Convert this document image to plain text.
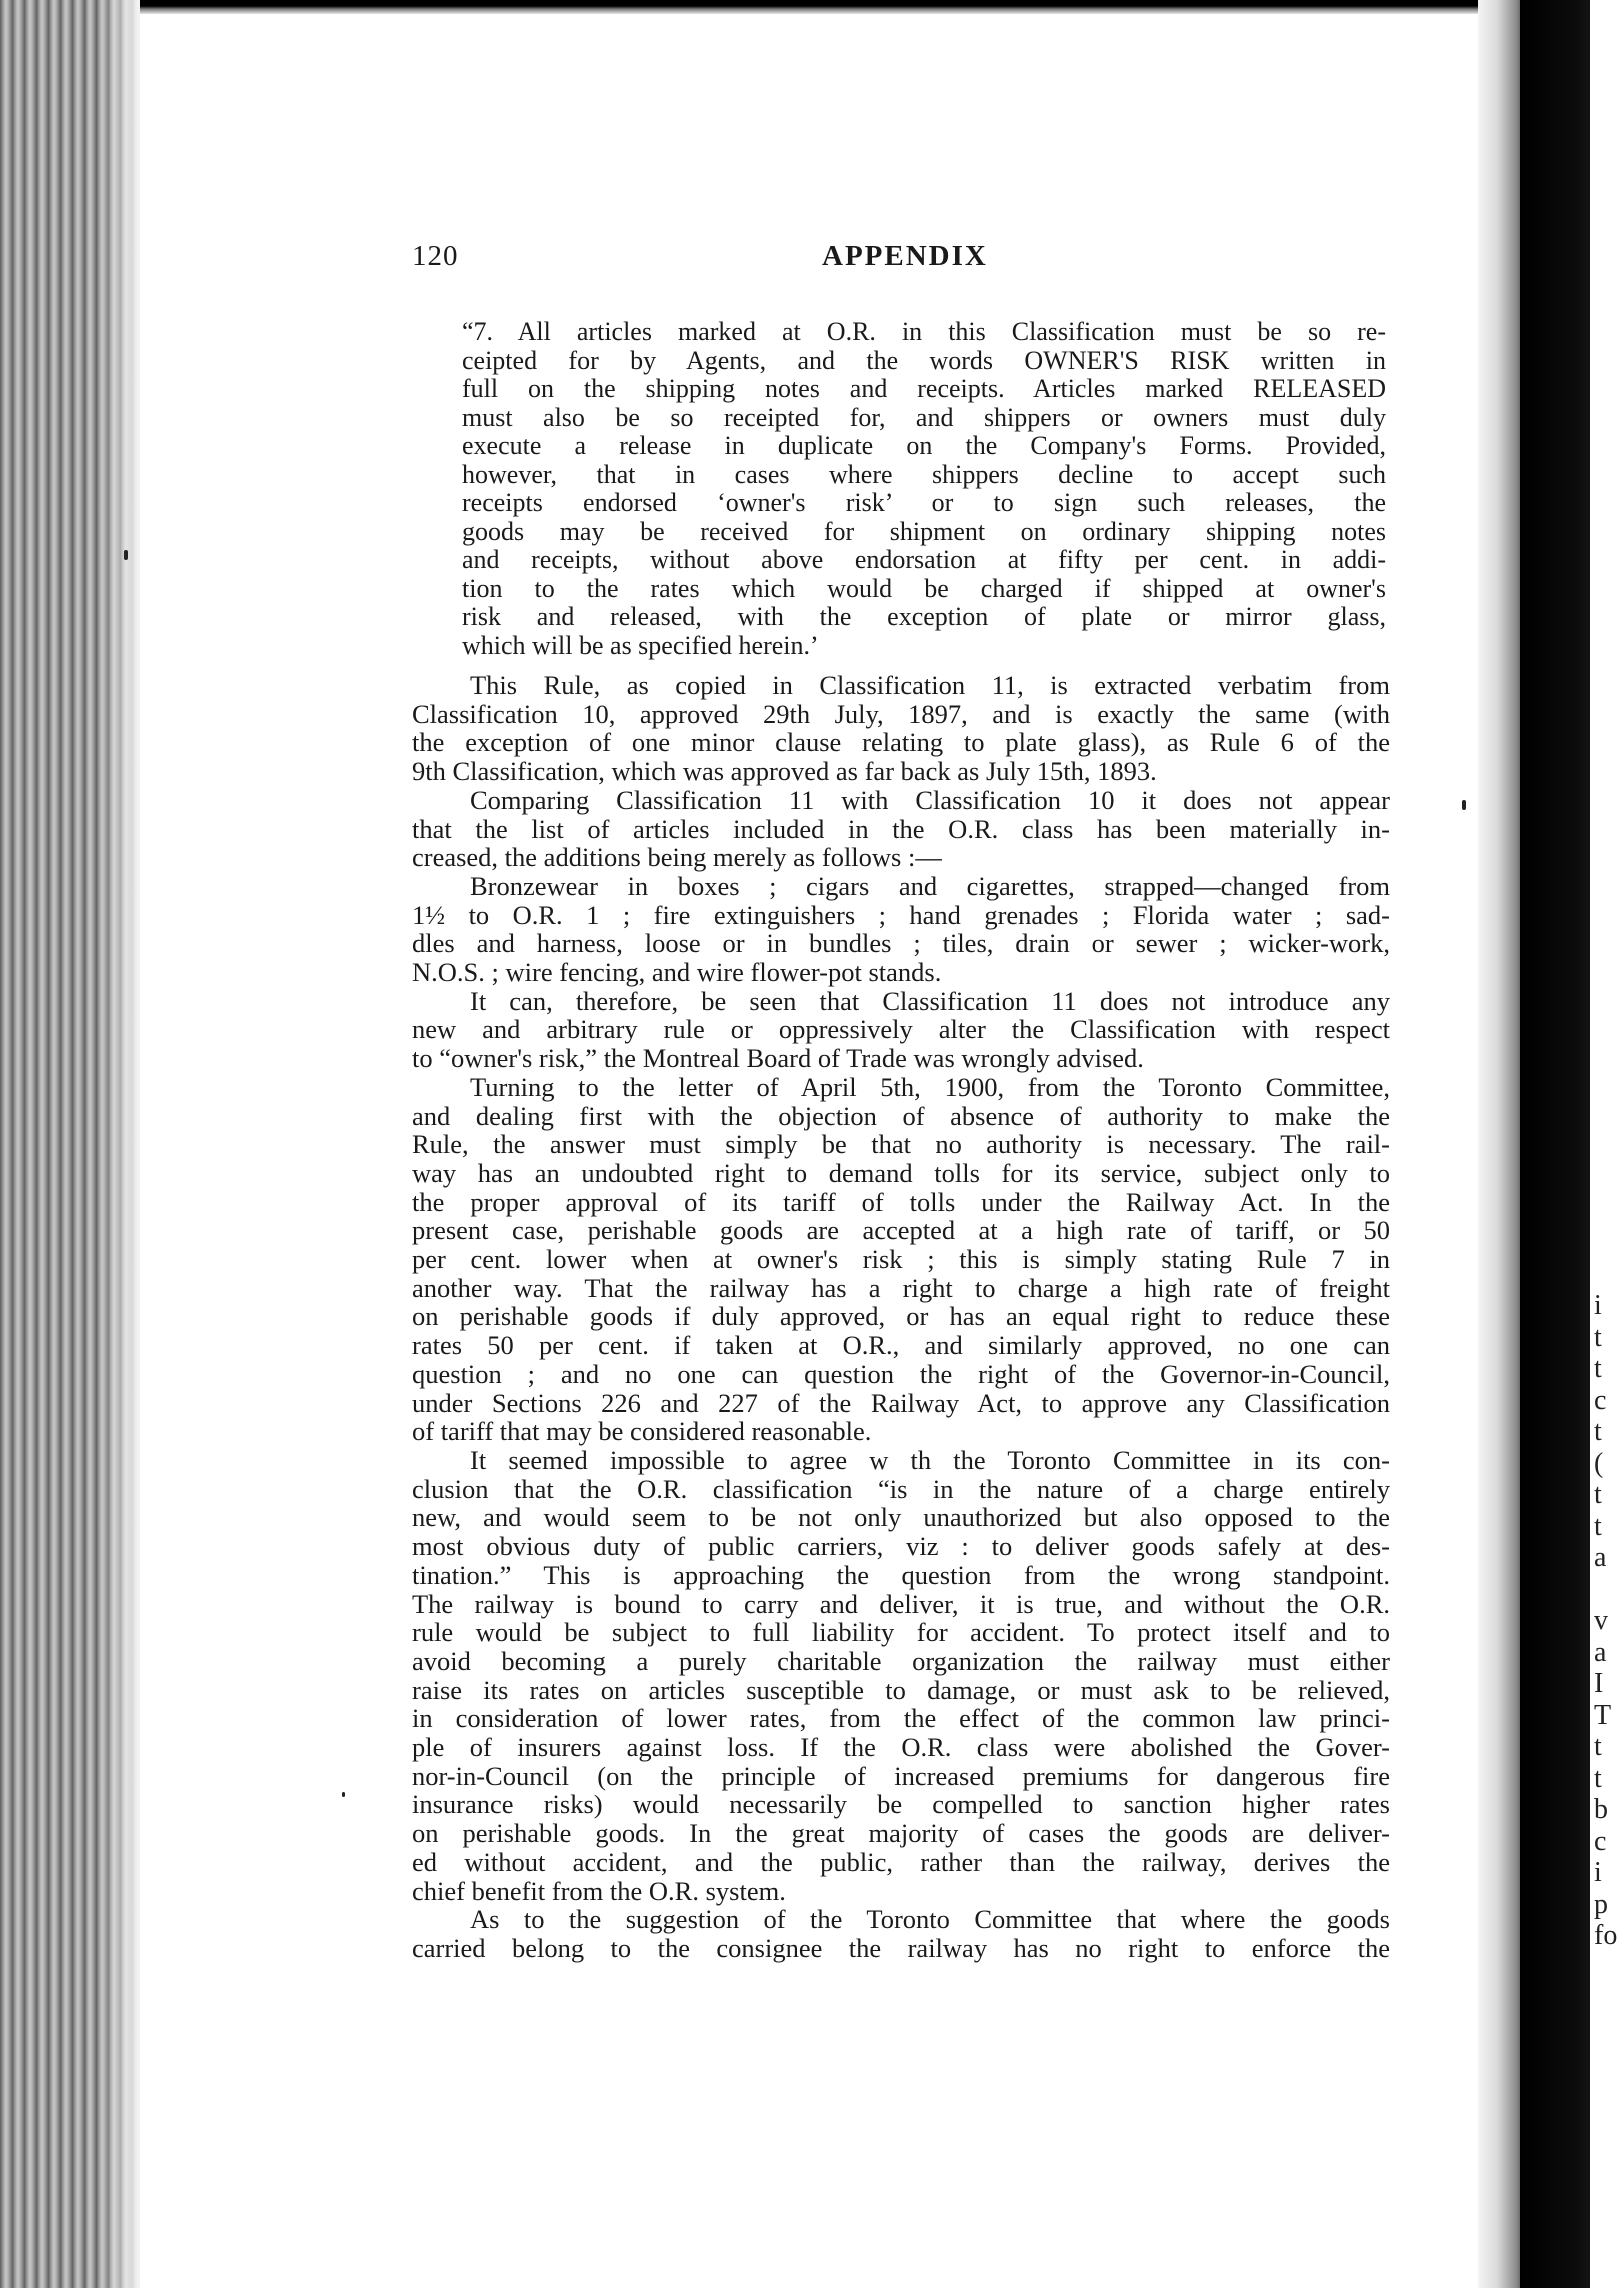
i
t
t
c
t
(
t
t
a
v
a
I
T
t
t
b
c
i
p
fo
120	APPENDIX
“7. All articles marked at O.R. in this Classification must be so re-
ceipted for by Agents, and the words OWNER'S RISK written in
full on the shipping notes and receipts. Articles marked RELEASED
must also be so receipted for, and shippers or owners must duly
execute a release in duplicate on the Company's Forms. Provided,
however, that in cases where shippers decline to accept such
receipts endorsed ‘owner's risk’ or to sign such releases, the
goods may be received for shipment on ordinary shipping notes
and receipts, without above endorsation at fifty per cent. in addi-
tion to the rates which would be charged if shipped at owner's
risk and released, with the exception of plate or mirror glass,
which will be as specified herein.’
This Rule, as copied in Classification 11, is extracted verbatim from
Classification 10, approved 29th July, 1897, and is exactly the same (with
the exception of one minor clause relating to plate glass), as Rule 6 of the
9th Classification, which was approved as far back as July 15th, 1893.
Comparing Classification 11 with Classification 10 it does not appear
that the list of articles included in the O.R. class has been materially in-
creased, the additions being merely as follows :—
Bronzewear in boxes ; cigars and cigarettes, strapped—changed from
1½ to O.R. 1 ; fire extinguishers ; hand grenades ; Florida water ; sad-
dles and harness, loose or in bundles ; tiles, drain or sewer ; wicker-work,
N.O.S. ; wire fencing, and wire flower-pot stands.
It can, therefore, be seen that Classification 11 does not introduce any
new and arbitrary rule or oppressively alter the Classification with respect
to “owner's risk,” the Montreal Board of Trade was wrongly advised.
Turning to the letter of April 5th, 1900, from the Toronto Committee,
and dealing first with the objection of absence of authority to make the
Rule, the answer must simply be that no authority is necessary. The rail-
way has an undoubted right to demand tolls for its service, subject only to
the proper approval of its tariff of tolls under the Railway Act. In the
present case, perishable goods are accepted at a high rate of tariff, or 50
per cent. lower when at owner's risk ; this is simply stating Rule 7 in
another way. That the railway has a right to charge a high rate of freight
on perishable goods if duly approved, or has an equal right to reduce these
rates 50 per cent. if taken at O.R., and similarly approved, no one can
question ; and no one can question the right of the Governor-in-Council,
under Sections 226 and 227 of the Railway Act, to approve any Classification
of tariff that may be considered reasonable.
It seemed impossible to agree w th the Toronto Committee in its con-
clusion that the O.R. classification “is in the nature of a charge entirely
new, and would seem to be not only unauthorized but also opposed to the
most obvious duty of public carriers, viz : to deliver goods safely at des-
tination.” This is approaching the question from the wrong standpoint.
The railway is bound to carry and deliver, it is true, and without the O.R.
rule would be subject to full liability for accident. To protect itself and to
avoid becoming a purely charitable organization the railway must either
raise its rates on articles susceptible to damage, or must ask to be relieved,
in consideration of lower rates, from the effect of the common law princi-
ple of insurers against loss. If the O.R. class were abolished the Gover-
nor-in-Council (on the principle of increased premiums for dangerous fire
insurance risks) would necessarily be compelled to sanction higher rates
on perishable goods. In the great majority of cases the goods are deliver-
ed without accident, and the public, rather than the railway, derives the
chief benefit from the O.R. system.
As to the suggestion of the Toronto Committee that where the goods
carried belong to the consignee the railway has no right to enforce the
